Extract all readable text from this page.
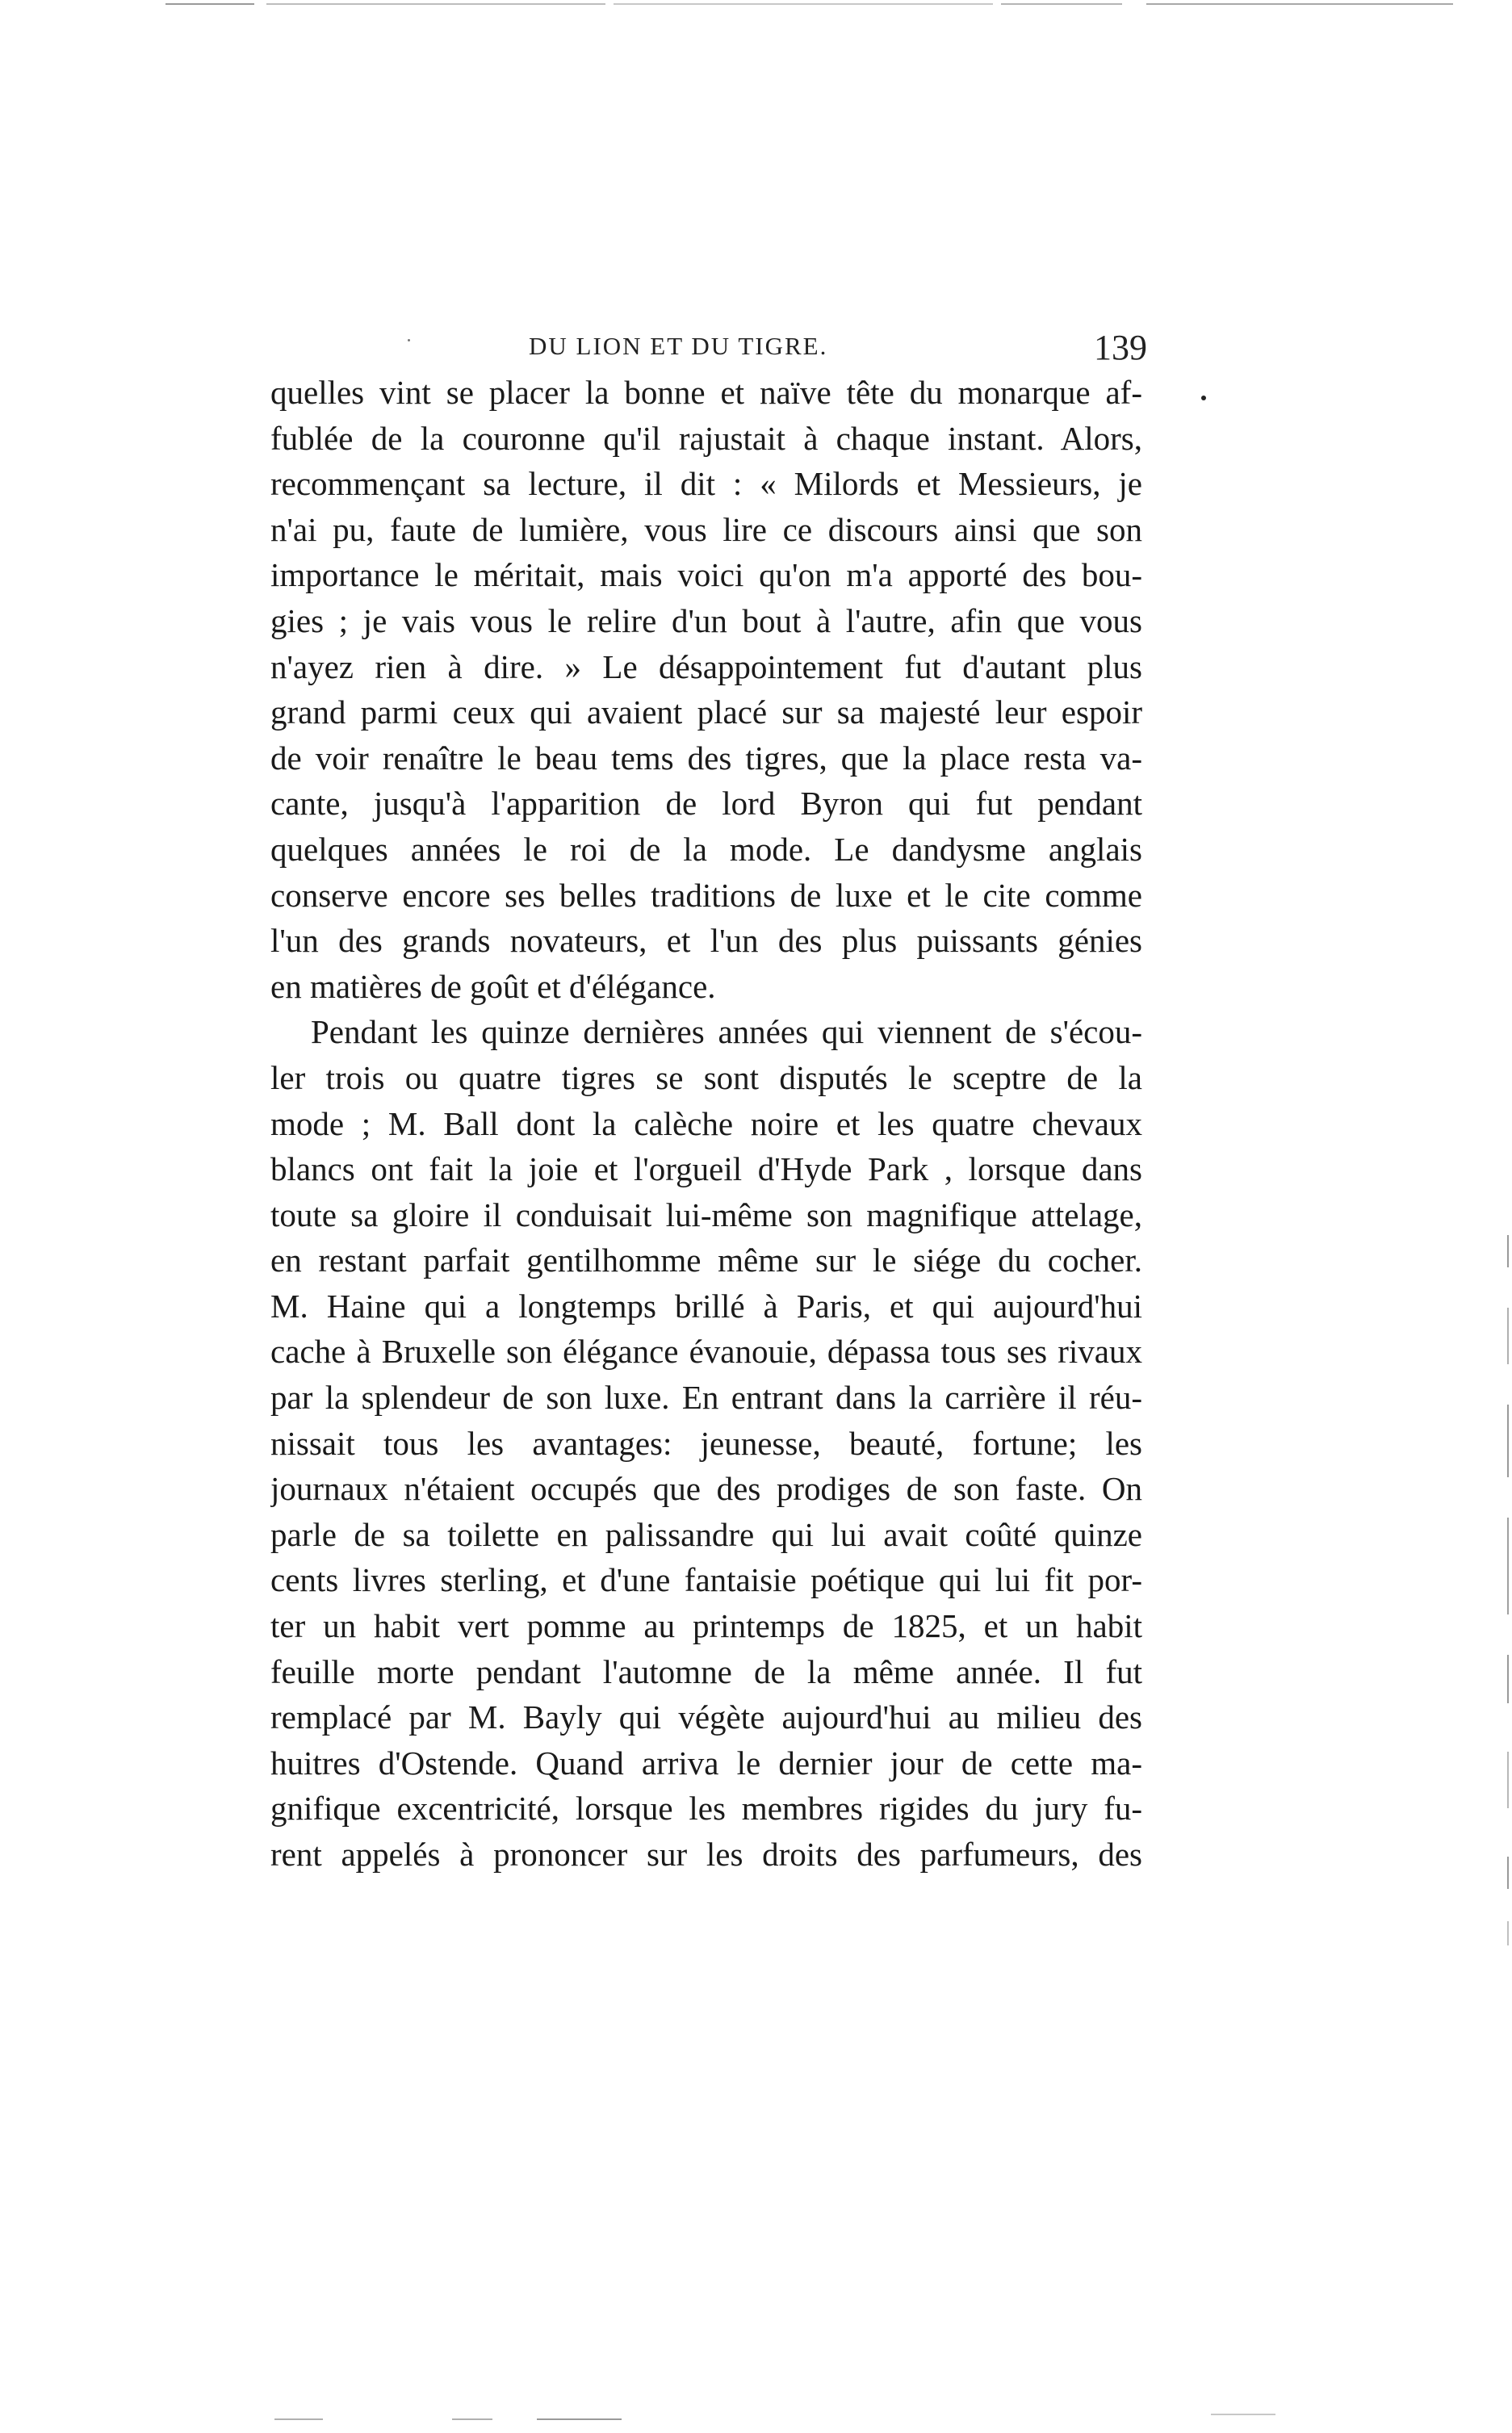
DU LION ET DU TIGRE.	139
quelles vint se placer la bonne et naïve tête du monarque af-
fublée de la couronne qu'il rajustait à chaque instant. Alors,
recommençant sa lecture, il dit : « Milords et Messieurs, je
n'ai pu, faute de lumière, vous lire ce discours ainsi que son
importance le méritait, mais voici qu'on m'a apporté des bou-
gies ; je vais vous le relire d'un bout à l'autre, afin que vous
n'ayez rien à dire. » Le désappointement fut d'autant plus
grand parmi ceux qui avaient placé sur sa majesté leur espoir
de voir renaître le beau tems des tigres, que la place resta va-
cante, jusqu'à l'apparition de lord Byron qui fut pendant
quelques années le roi de la mode. Le dandysme anglais
conserve encore ses belles traditions de luxe et le cite comme
l'un des grands novateurs, et l'un des plus puissants génies
en matières de goût et d'élégance.
Pendant les quinze dernières années qui viennent de s'écou-
ler trois ou quatre tigres se sont disputés le sceptre de la
mode ; M. Ball dont la calèche noire et les quatre chevaux
blancs ont fait la joie et l'orgueil d'Hyde Park , lorsque dans
toute sa gloire il conduisait lui-même son magnifique attelage,
en restant parfait gentilhomme même sur le siége du cocher.
M. Haine qui a longtemps brillé à Paris, et qui aujourd'hui
cache à Bruxelle son élégance évanouie, dépassa tous ses rivaux
par la splendeur de son luxe. En entrant dans la carrière il réu-
nissait tous les avantages: jeunesse, beauté, fortune; les
journaux n'étaient occupés que des prodiges de son faste. On
parle de sa toilette en palissandre qui lui avait coûté quinze
cents livres sterling, et d'une fantaisie poétique qui lui fit por-
ter un habit vert pomme au printemps de 1825, et un habit
feuille morte pendant l'automne de la même année. Il fut
remplacé par M. Bayly qui végète aujourd'hui au milieu des
huitres d'Ostende. Quand arriva le dernier jour de cette ma-
gnifique excentricité, lorsque les membres rigides du jury fu-
rent appelés à prononcer sur les droits des parfumeurs, des
